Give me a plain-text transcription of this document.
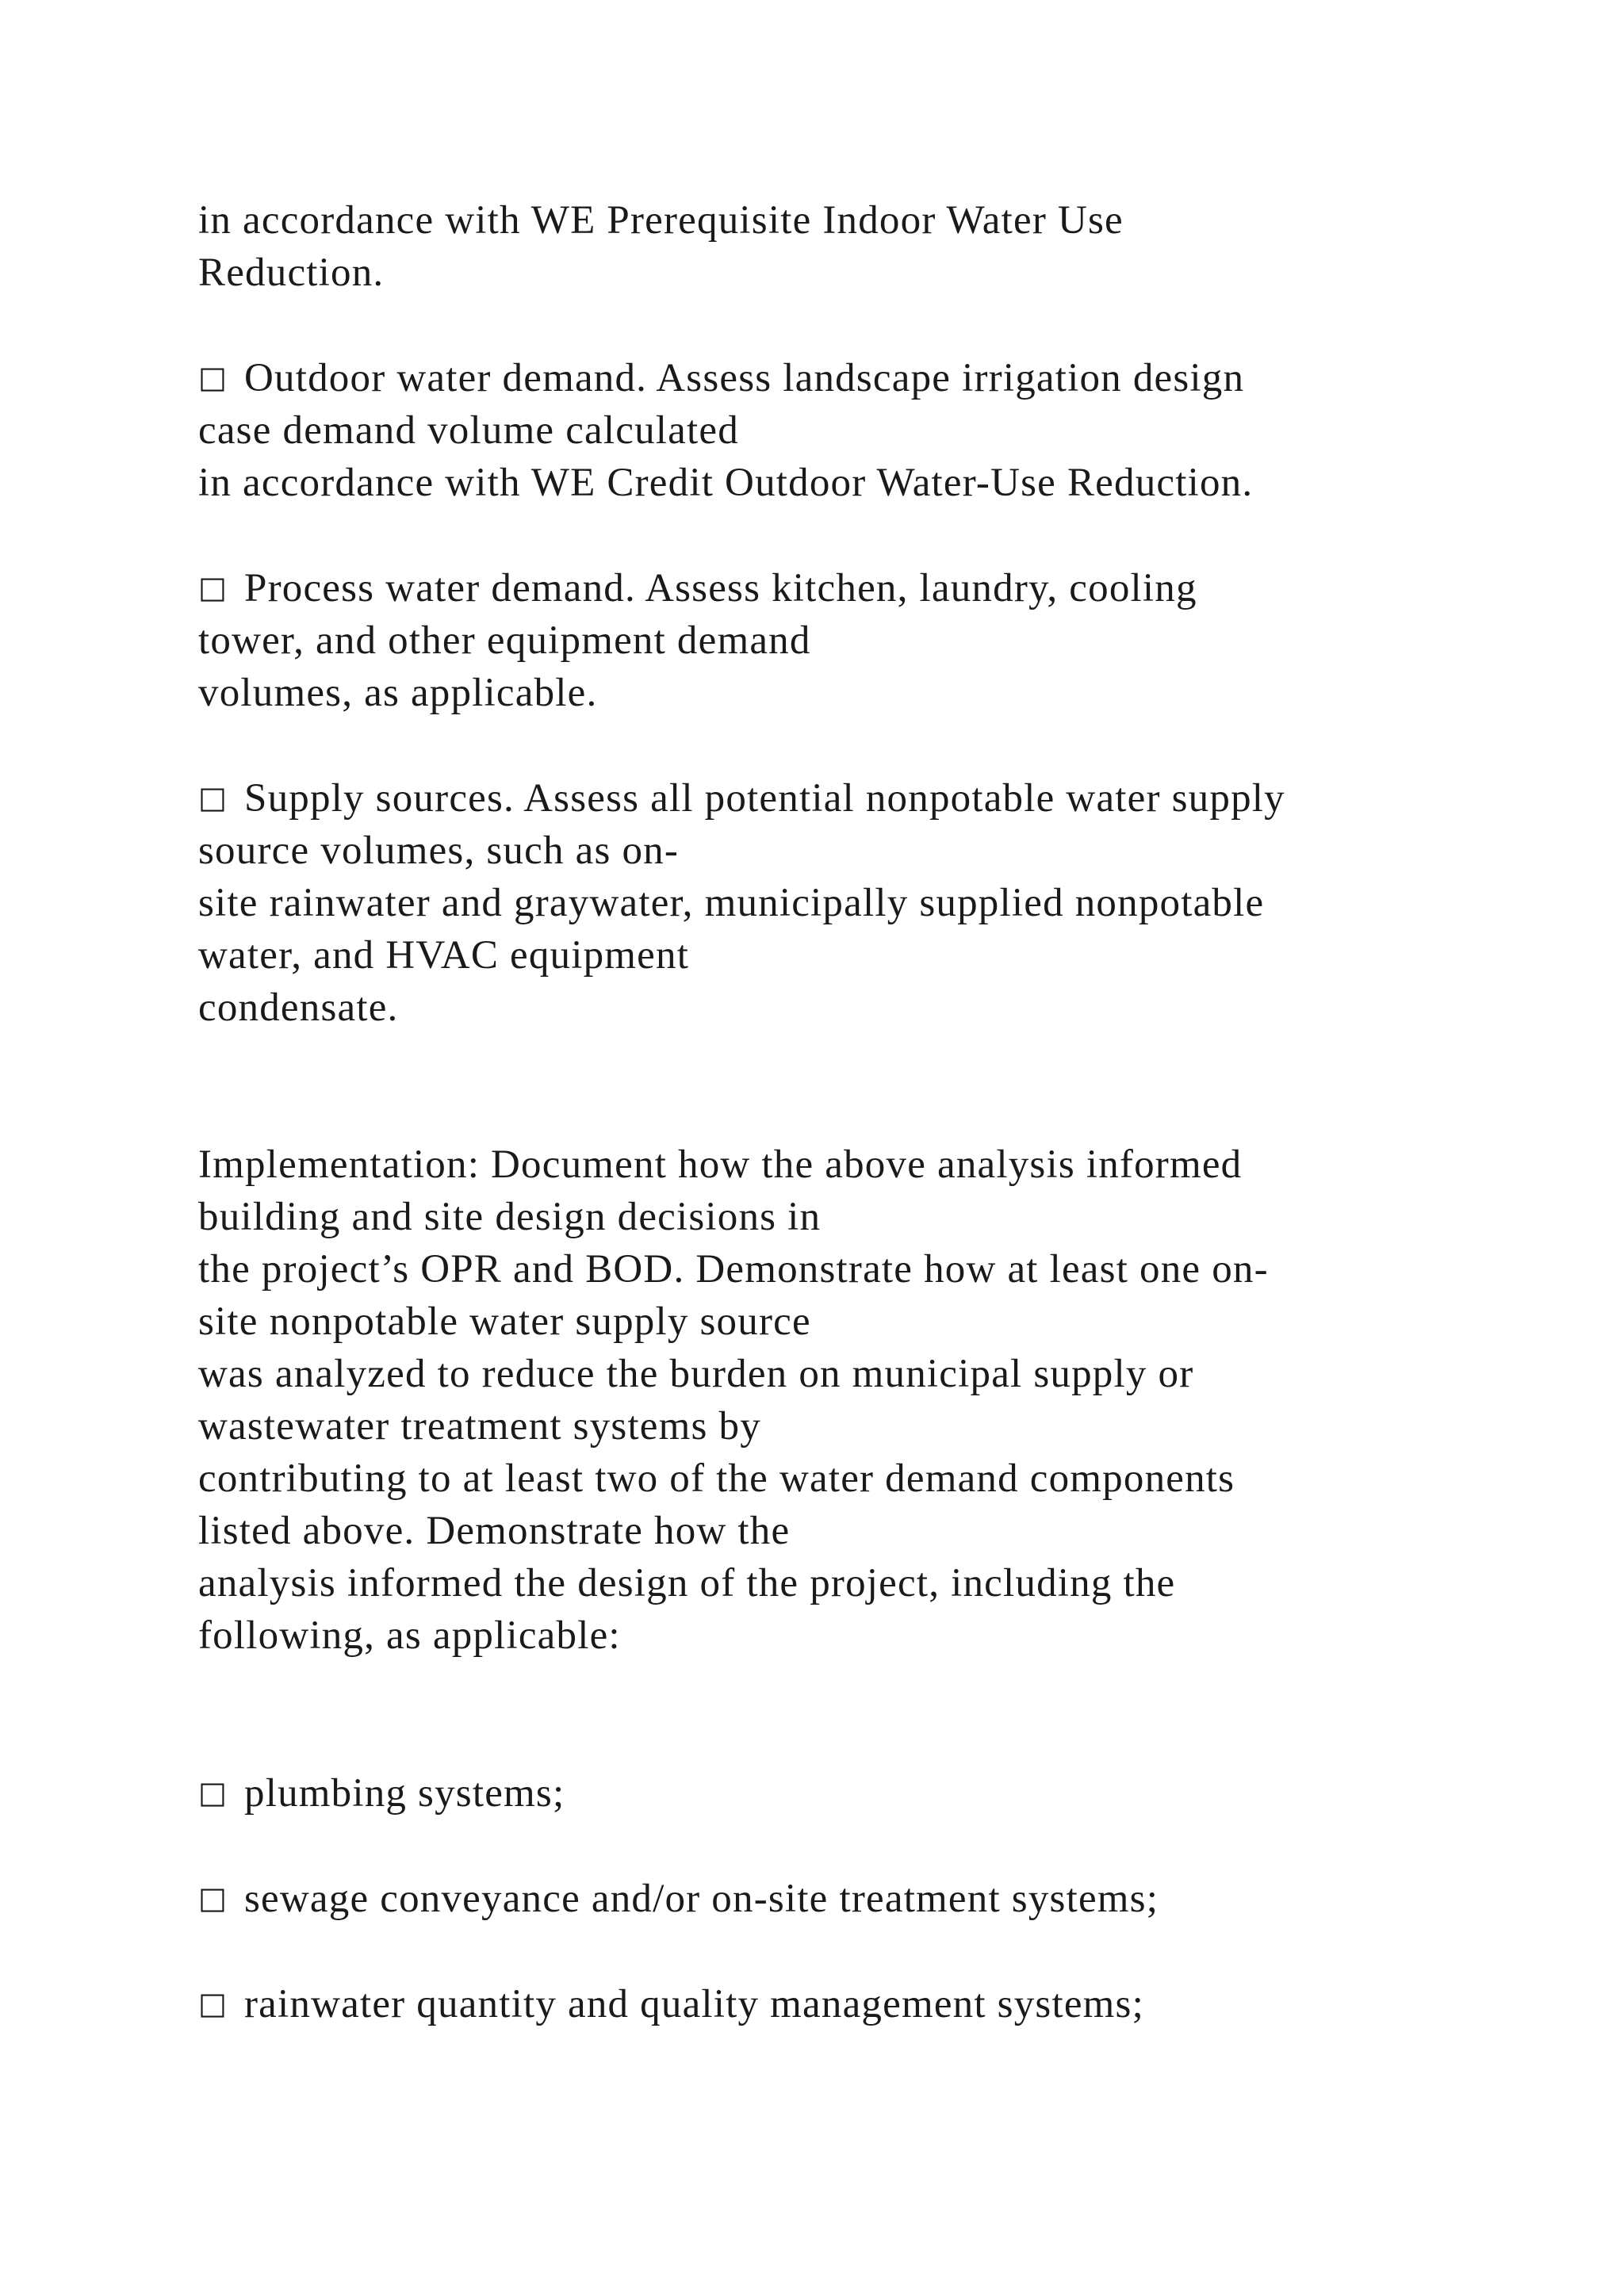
in accordance with WE Prerequisite Indoor Water Use
Reduction.
□ Outdoor water demand. Assess landscape irrigation design
case demand volume calculated
in accordance with WE Credit Outdoor Water-Use Reduction.
□ Process water demand. Assess kitchen, laundry, cooling
tower, and other equipment demand
volumes, as applicable.
□ Supply sources. Assess all potential nonpotable water supply
source volumes, such as on-
site rainwater and graywater, municipally supplied nonpotable
water, and HVAC equipment
condensate.
Implementation: Document how the above analysis informed
building and site design decisions in
the project’s OPR and BOD. Demonstrate how at least one on-
site nonpotable water supply source
was analyzed to reduce the burden on municipal supply or
wastewater treatment systems by
contributing to at least two of the water demand components
listed above. Demonstrate how the
analysis informed the design of the project, including the
following, as applicable:
□ plumbing systems;
□ sewage conveyance and/or on-site treatment systems;
□ rainwater quantity and quality management systems;
